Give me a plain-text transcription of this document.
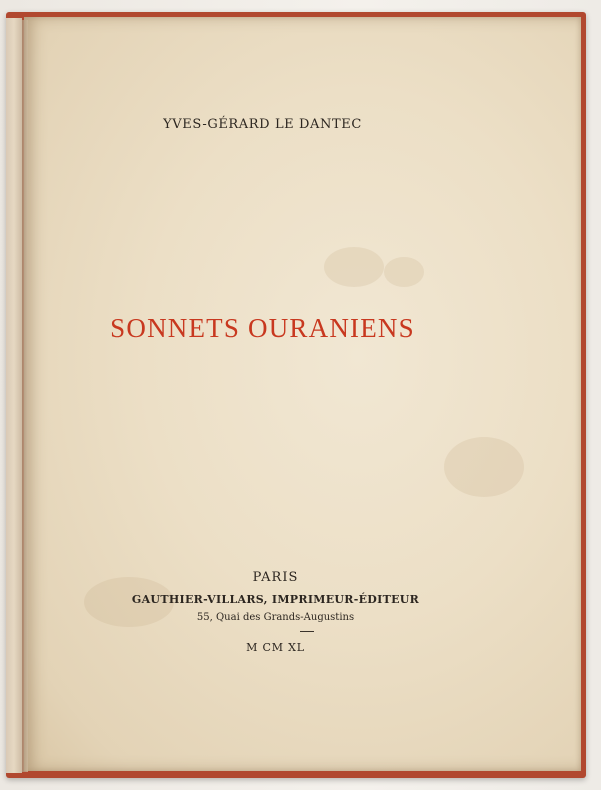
YVES-GÉRARD LE DANTEC
SONNETS OURANIENS
PARIS
GAUTHIER-VILLARS, IMPRIMEUR-ÉDITEUR
55, Quai des Grands-Augustins
M CM XL
